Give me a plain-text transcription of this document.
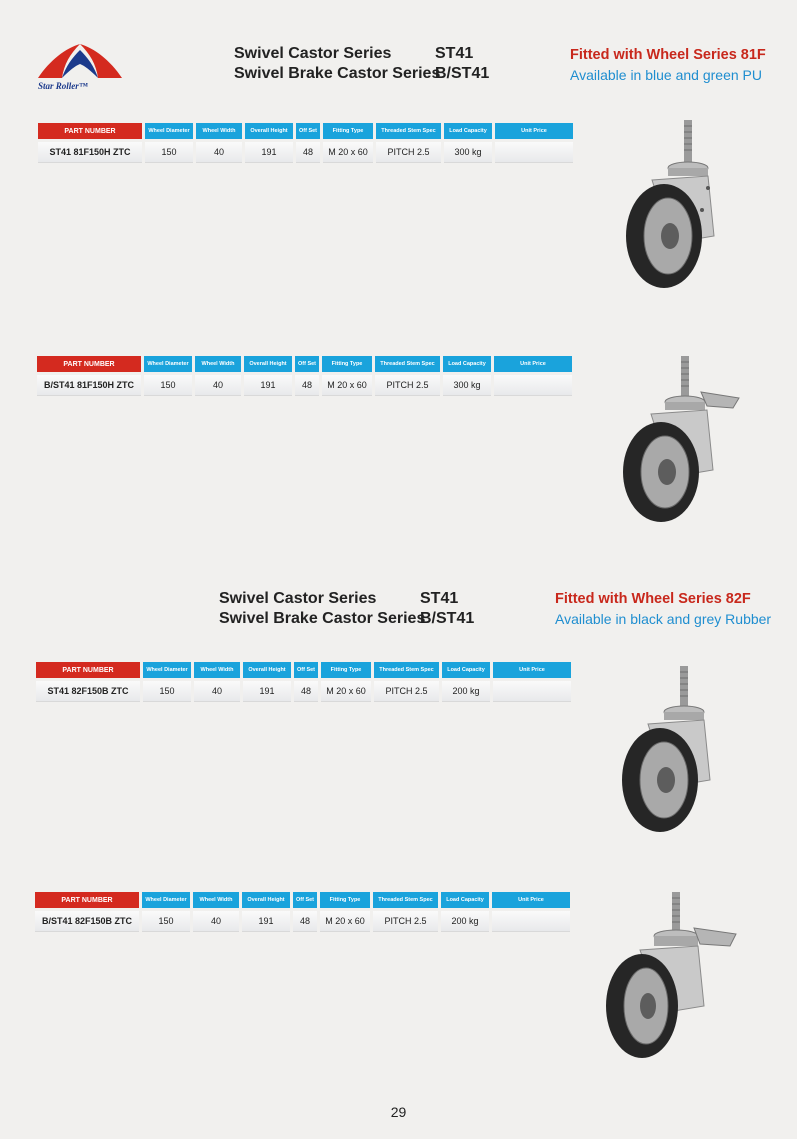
Star Roller™
Swivel Castor Series	ST41
Swivel Brake Castor Series
B/ST41
Fitted with Wheel Series 81F
Available in blue and green PU
Swivel Castor Series	ST41
Swivel Brake Castor Series
B/ST41
Fitted with Wheel Series 82F
Available in black and grey Rubber
PART NUMBER	Wheel Diameter	Wheel Width	Overall Height	Off Set	Fitting Type	Threaded Stem Spec	Load Capacity	Unit Price
ST41 81F150H ZTC	150	40	191	48	M 20 x 60	PITCH 2.5	300 kg
PART NUMBER	Wheel Diameter	Wheel Width	Overall Height	Off Set	Fitting Type	Threaded Stem Spec	Load Capacity	Unit Price
B/ST41 81F150H ZTC	150	40	191	48	M 20 x 60	PITCH 2.5	300 kg
PART NUMBER	Wheel Diameter	Wheel Width	Overall Height	Off Set	Fitting Type	Threaded Stem Spec	Load Capacity	Unit Price
ST41 82F150B ZTC	150	40	191	48	M 20 x 60	PITCH 2.5	200 kg
PART NUMBER	Wheel Diameter	Wheel Width	Overall Height	Off Set	Fitting Type	Threaded Stem Spec	Load Capacity	Unit Price
B/ST41 82F150B ZTC	150	40	191	48	M 20 x 60	PITCH 2.5	200 kg
29
